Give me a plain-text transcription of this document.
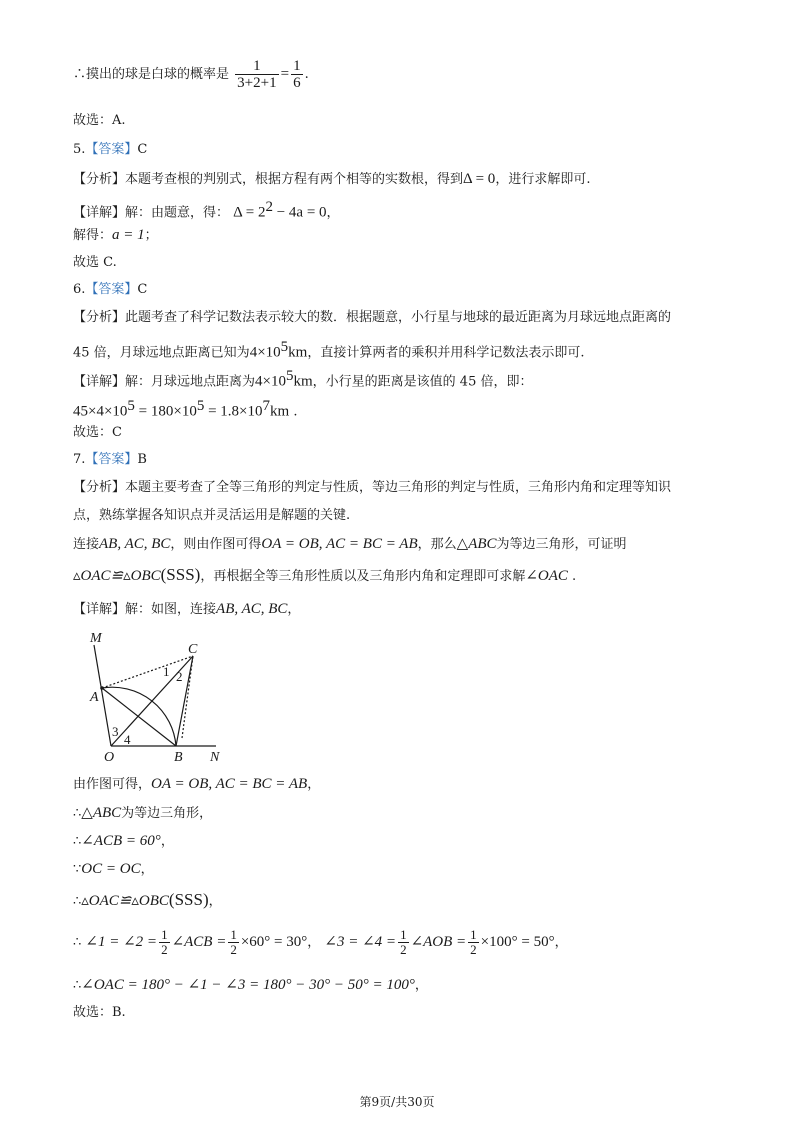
∴摸出的球是白球的概率是 $\frac{1}{3+2+1} = \frac{1}{6}$ .
故选：A.
5.【答案】C
【分析】本题考查根的判别式，根据方程有两个相等的实数根，得到Δ = 0，进行求解即可.
【详解】解：由题意，得： $\Delta = 2^2 - 4a = 0$，
解得：a = 1；
故选 C.
6.【答案】C
【分析】此题考查了科学记数法表示较大的数．根据题意，小行星与地球的最近距离为月球远地点距离的
45 倍，月球远地点距离已知为$4\times 10^5km$，直接计算两者的乘积并用科学记数法表示即可.
【详解】解：月球远地点距离为$4\times 10^5km$，小行星的距离是该值的 45 倍，即：
$45\times 4\times 10^5 = 180\times 10^5 = 1.8\times 10^7km$ .
故选：C
7.【答案】B
【分析】本题主要考查了全等三角形的判定与性质，等边三角形的判定与性质，三角形内角和定理等知识
点，熟练掌握各知识点并灵活运用是解题的关键.
连接AB, AC, BC，则由作图可得OA = OB, AC = BC = AB，那么△ABC为等边三角形，可证明
▵OAC≌▵OBC(SSS)，再根据全等三角形性质以及三角形内角和定理即可求解∠OAC .
【详解】解：如图，连接AB, AC, BC，
M
C
A
O	B N
1 2
3
4
由作图可得，OA = OB, AC = BC = AB，
∴△ABC为等边三角形，
∴∠ACB = 60°，
∵OC = OC，
∴▵OAC≌▵OBC(SSS)，
∴ ∠1 = ∠2 = $\frac{1}{2}$ ∠ACB = $\frac{1}{2} \times 60^\circ = 30^\circ$， ∠3 = ∠4 = $\frac{1}{2}$ ∠AOB = $\frac{1}{2} \times 100^\circ = 50^\circ$，
∴∠OAC = 180° − ∠1 − ∠3 = 180° − 30° − 50° = 100°，
故选：B.
第9页/共30页
